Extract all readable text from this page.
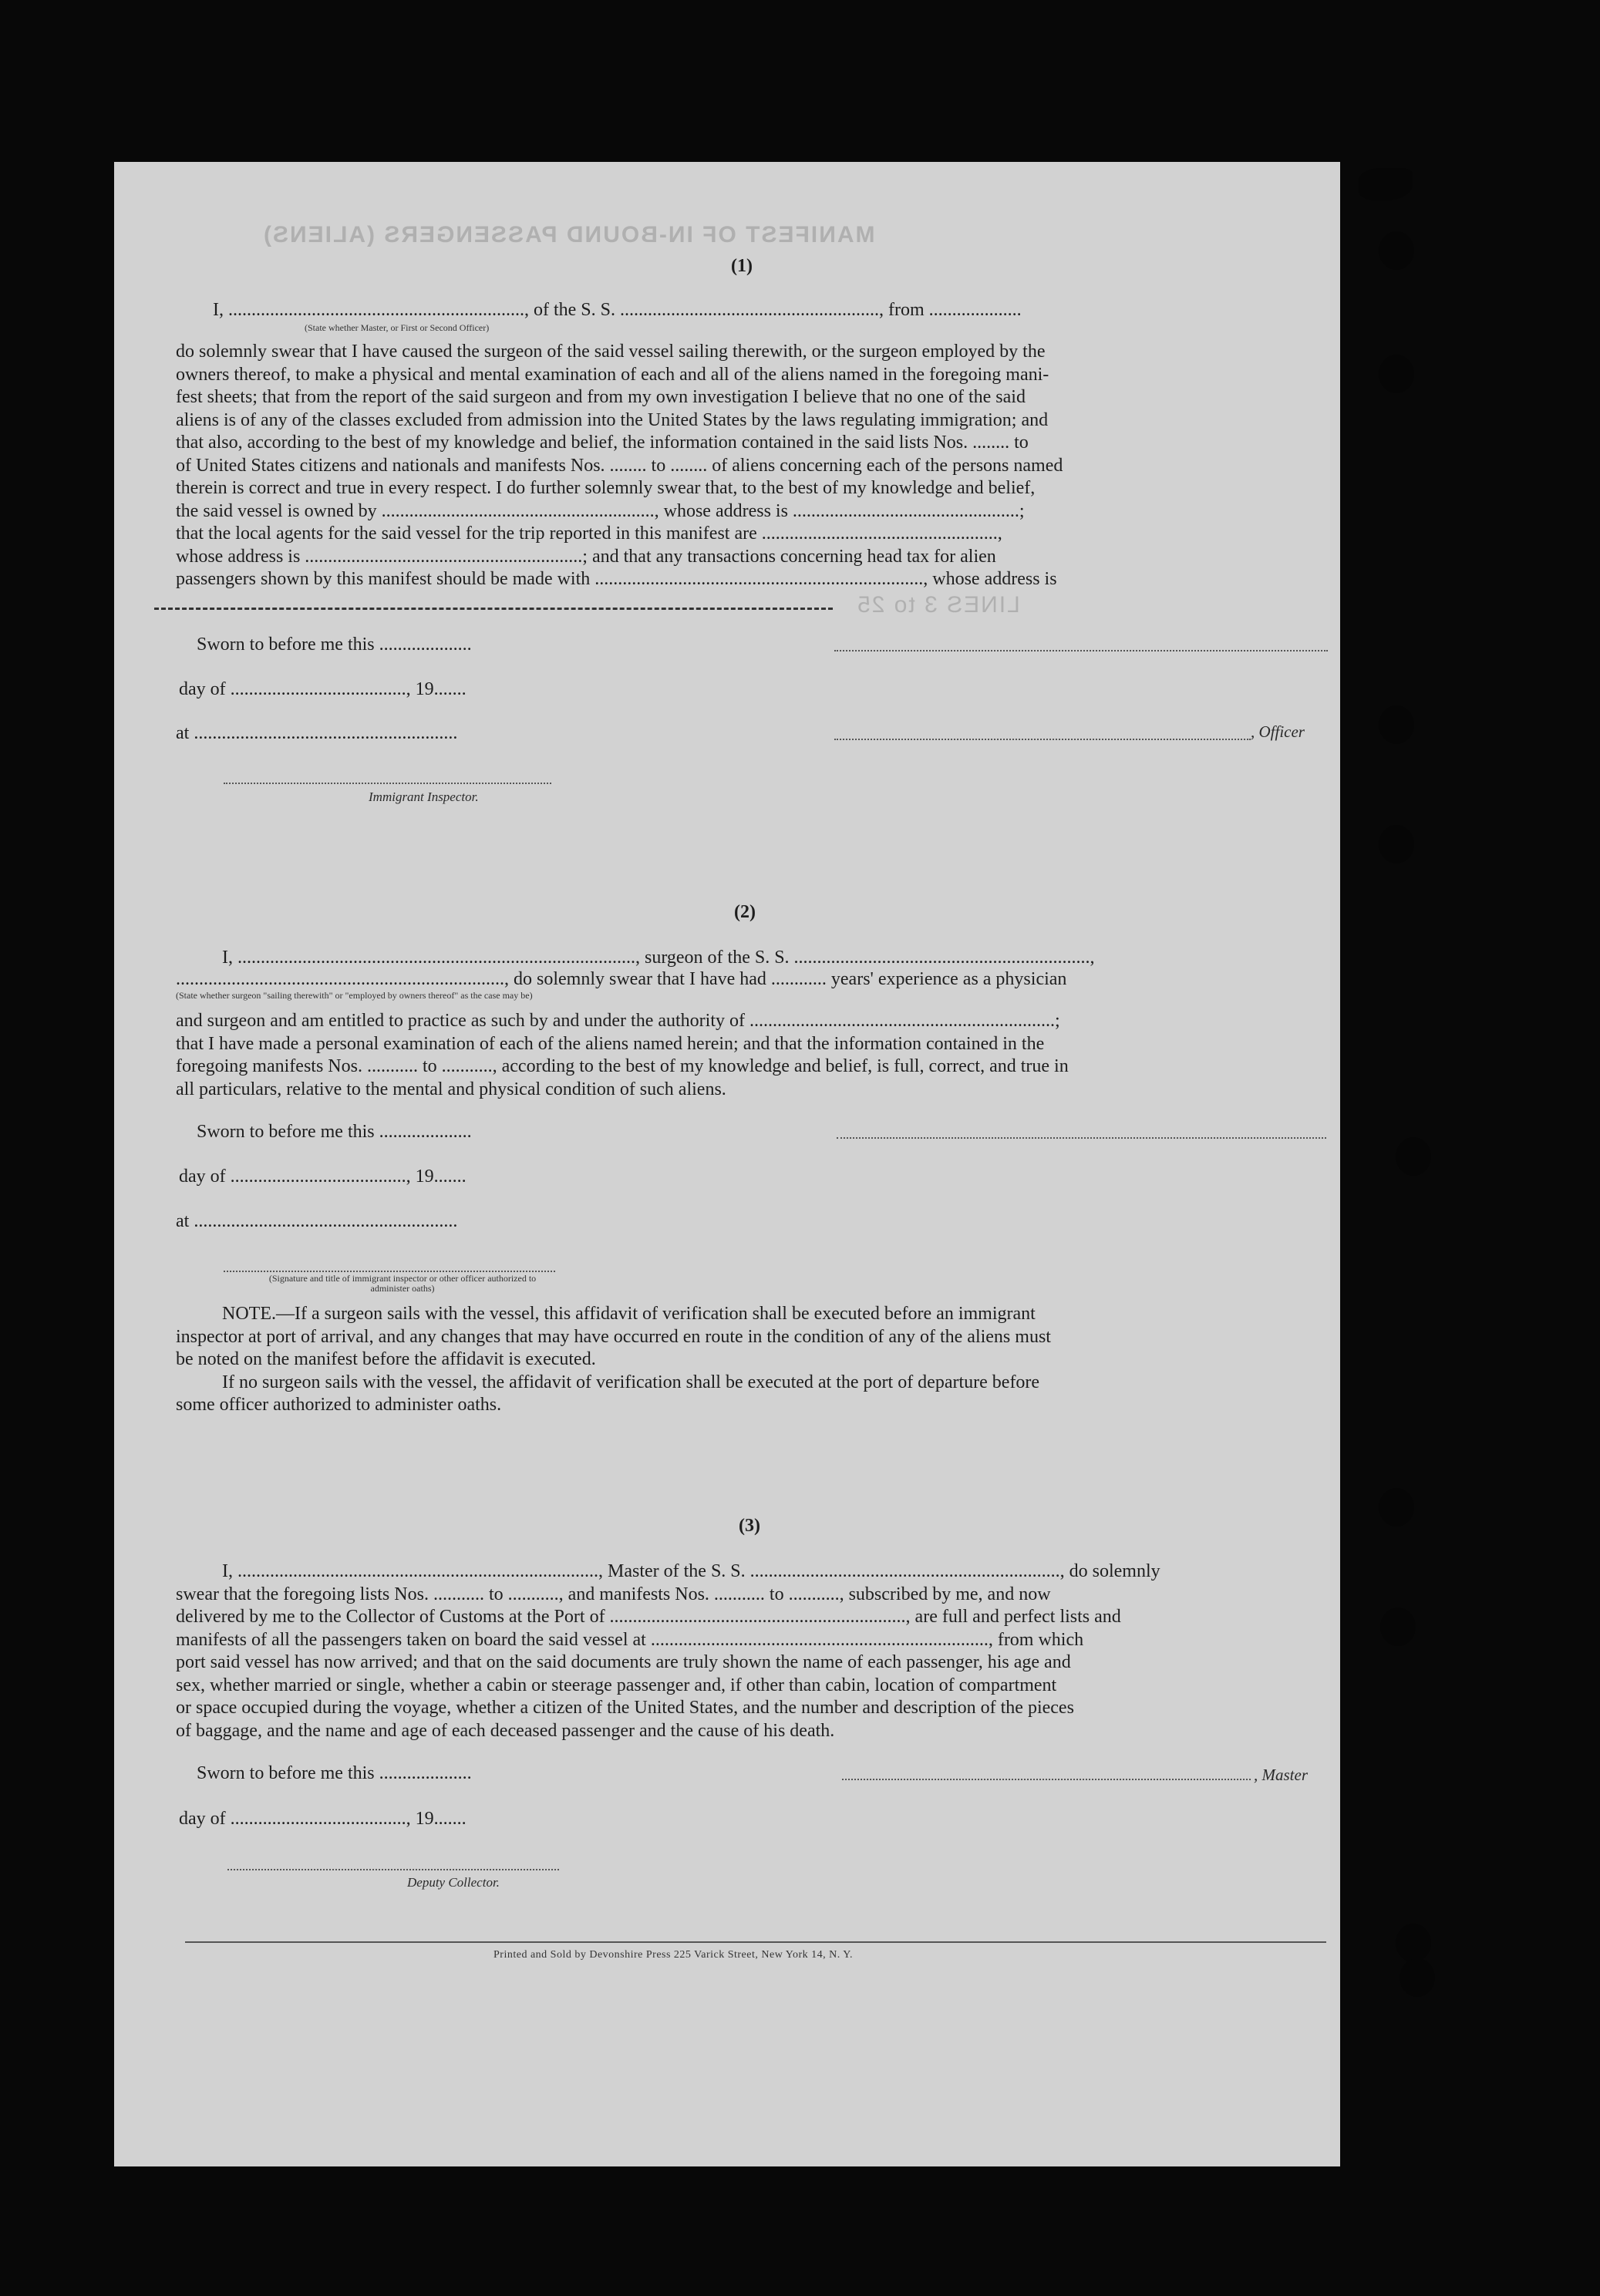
MANIFEST OF IN-BOUND PASSENGERS (ALIENS)
LINES 3 to 25
(1)
I, ................................................................, of the S. S. ........................................................, from ....................
(State whether Master, or First or Second Officer)
do solemnly swear that I have caused the surgeon of the said vessel sailing therewith, or the surgeon employed by the
owners thereof, to make a physical and mental examination of each and all of the aliens named in the foregoing mani-
fest sheets; that from the report of the said surgeon and from my own investigation I believe that no one of the said
aliens is of any of the classes excluded from admission into the United States by the laws regulating immigration; and
that also, according to the best of my knowledge and belief, the information contained in the said lists Nos. ........ to
of United States citizens and nationals and manifests Nos. ........ to ........ of aliens concerning each of the persons named
therein is correct and true in every respect. I do further solemnly swear that, to the best of my knowledge and belief,
the said vessel is owned by ..........................................................., whose address is .................................................;
that the local agents for the said vessel for the trip reported in this manifest are ...................................................,
whose address is ............................................................; and that any transactions concerning head tax for alien
passengers shown by this manifest should be made with ......................................................................., whose address is
Sworn to before me this ....................
day of ......................................, 19.......
at .........................................................	, Officer
Immigrant Inspector.
(2)
I, ......................................................................................, surgeon of the S. S. ................................................................,
......................................................................., do solemnly swear that I have had ............ years' experience as a physician
(State whether surgeon "sailing therewith" or "employed by owners thereof" as the case may be)
and surgeon and am entitled to practice as such by and under the authority of ..................................................................;
that I have made a personal examination of each of the aliens named herein; and that the information contained in the
foregoing manifests Nos. ........... to ..........., according to the best of my knowledge and belief, is full, correct, and true in
all particulars, relative to the mental and physical condition of such aliens.
Sworn to before me this ....................
day of ......................................, 19.......
at .........................................................
(Signature and title of immigrant inspector or other officer authorized to administer oaths)
NOTE.—If a surgeon sails with the vessel, this affidavit of verification shall be executed before an immigrant
inspector at port of arrival, and any changes that may have occurred en route in the condition of any of the aliens must
be noted on the manifest before the affidavit is executed.
If no surgeon sails with the vessel, the affidavit of verification shall be executed at the port of departure before
some officer authorized to administer oaths.
(3)
I, .............................................................................., Master of the S. S. ..................................................................., do solemnly
swear that the foregoing lists Nos. ........... to ..........., and manifests Nos. ........... to ..........., subscribed by me, and now
delivered by me to the Collector of Customs at the Port of ................................................................, are full and perfect lists and
manifests of all the passengers taken on board the said vessel at ........................................................................., from which
port said vessel has now arrived; and that on the said documents are truly shown the name of each passenger, his age and
sex, whether married or single, whether a cabin or steerage passenger and, if other than cabin, location of compartment
or space occupied during the voyage, whether a citizen of the United States, and the number and description of the pieces
of baggage, and the name and age of each deceased passenger and the cause of his death.
Sworn to before me this ....................	, Master
day of ......................................, 19.......
Deputy Collector.
Printed and Sold by Devonshire Press 225 Varick Street, New York 14, N. Y.
